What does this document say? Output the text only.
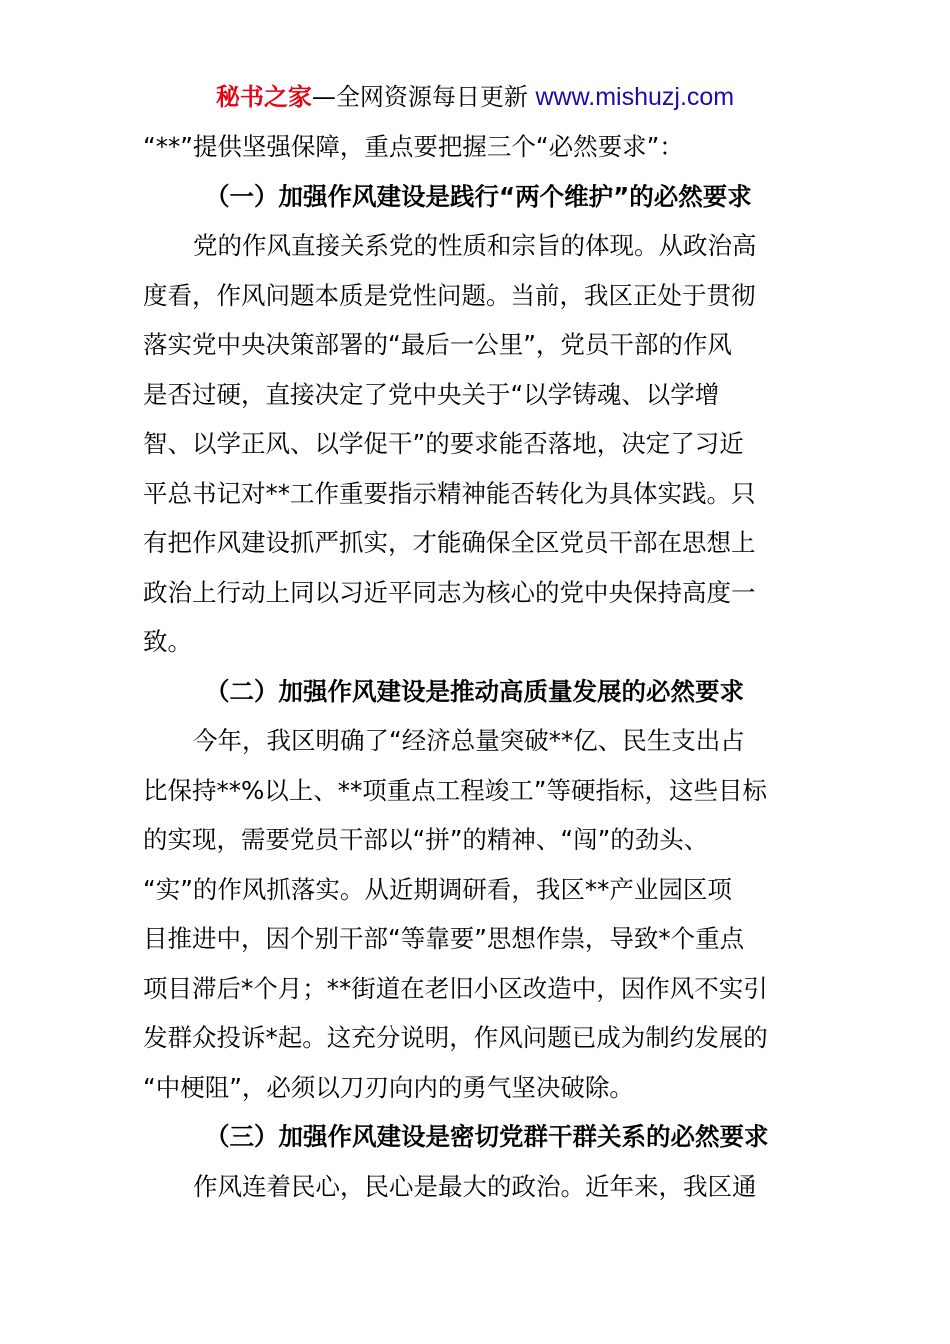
秘书之家—全网资源每日更新 www.mishuzj.com
“**”提供坚强保障，重点要把握三个“必然要求”：
（一）加强作风建设是践行“两个维护”的必然要求
党的作风直接关系党的性质和宗旨的体现。从政治高
度看，作风问题本质是党性问题。当前，我区正处于贯彻
落实党中央决策部署的“最后一公里”，党员干部的作风
是否过硬，直接决定了党中央关于“以学铸魂、以学增
智、以学正风、以学促干”的要求能否落地，决定了习近
平总书记对**工作重要指示精神能否转化为具体实践。只
有把作风建设抓严抓实，才能确保全区党员干部在思想上
政治上行动上同以习近平同志为核心的党中央保持高度一
致。
（二）加强作风建设是推动高质量发展的必然要求
今年，我区明确了“经济总量突破**亿、民生支出占
比保持**%以上、**项重点工程竣工”等硬指标，这些目标
的实现，需要党员干部以“拼”的精神、“闯”的劲头、
“实”的作风抓落实。从近期调研看，我区**产业园区项
目推进中，因个别干部“等靠要”思想作祟，导致*个重点
项目滞后*个月；**街道在老旧小区改造中，因作风不实引
发群众投诉*起。这充分说明，作风问题已成为制约发展的
“中梗阻”，必须以刀刃向内的勇气坚决破除。
（三）加强作风建设是密切党群干群关系的必然要求
作风连着民心，民心是最大的政治。近年来，我区通
